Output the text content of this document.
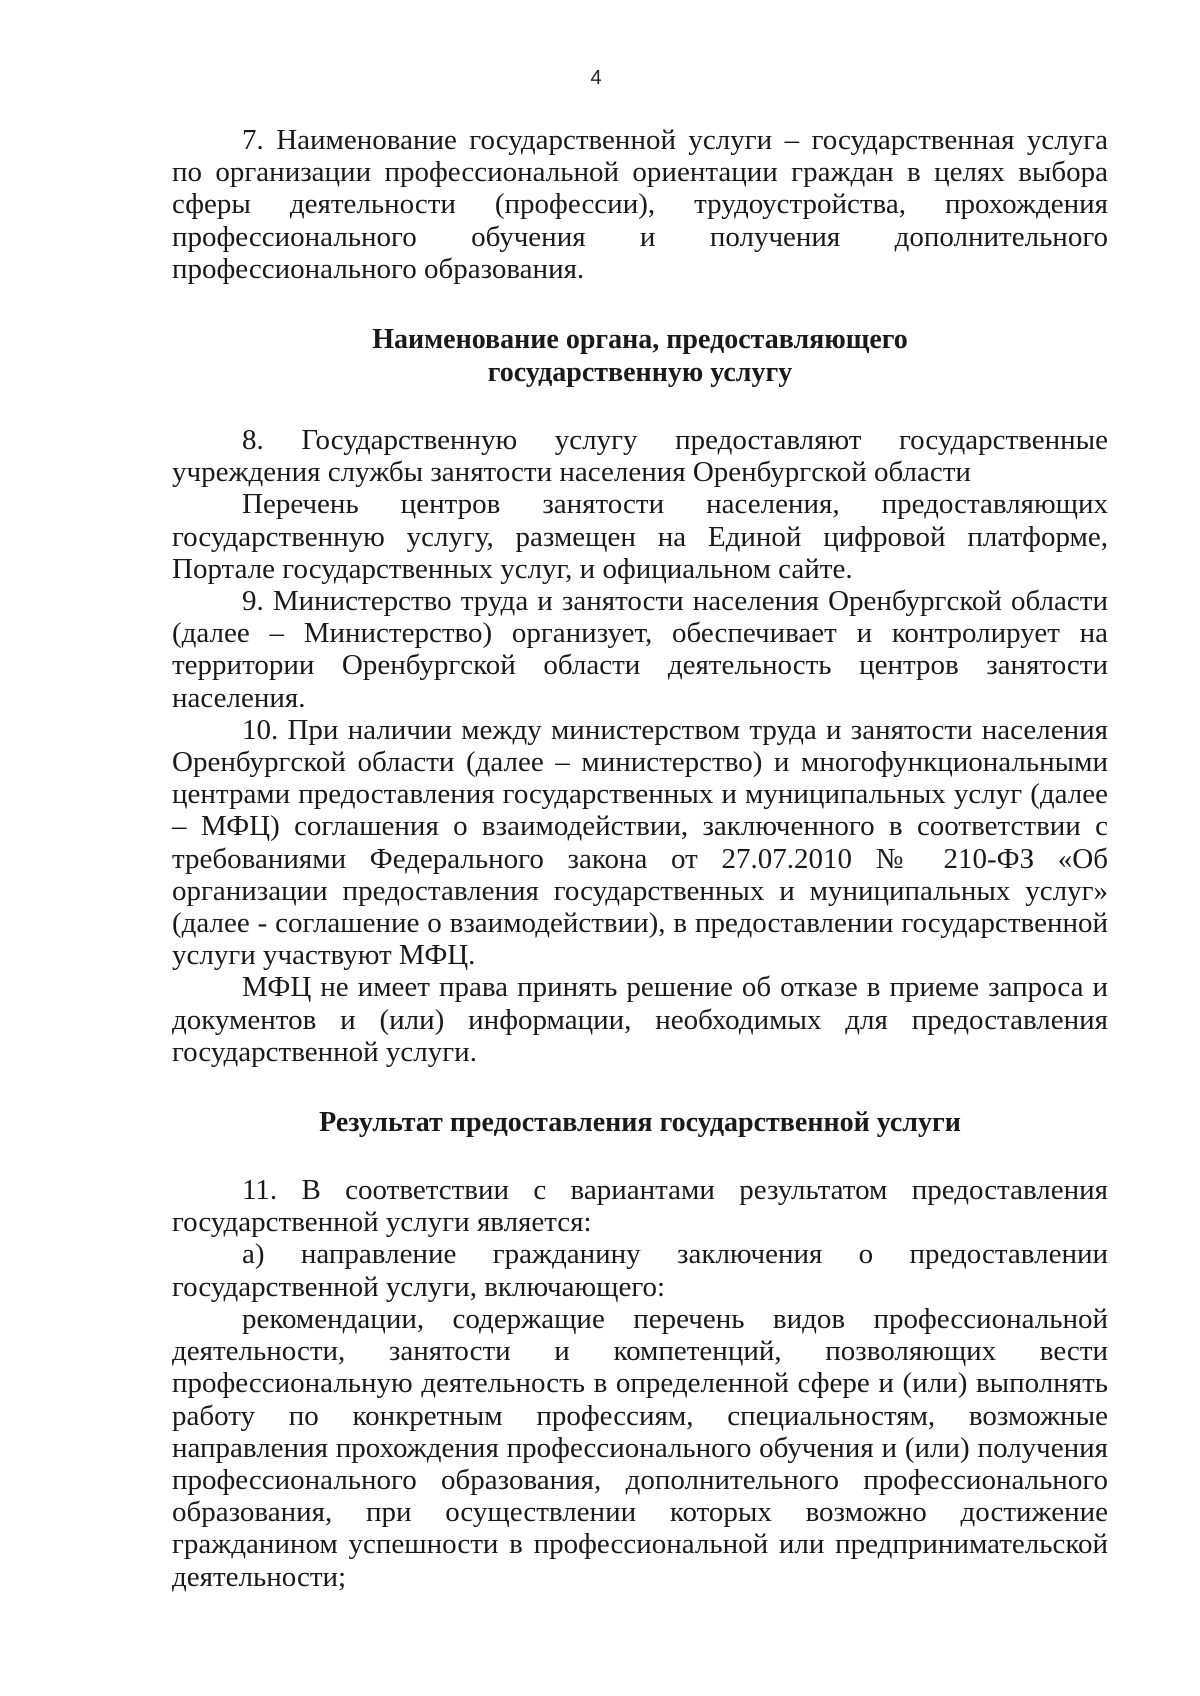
4

7. Наименование государственной услуги – государственная услуга по организации профессиональной ориентации граждан в целях выбора сферы деятельности (профессии), трудоустройства, прохождения профессионального обучения и получения дополнительного профессионального образования.

Наименование органа, предоставляющего
государственную услугу

8. Государственную услугу предоставляют государственные учреждения службы занятости населения Оренбургской области

Перечень центров занятости населения, предоставляющих государственную услугу, размещен на Единой цифровой платформе, Портале государственных услуг, и официальном сайте.

9. Министерство труда и занятости населения Оренбургской области (далее – Министерство) организует, обеспечивает и контролирует на территории Оренбургской области деятельность центров занятости населения.

10. При наличии между министерством труда и занятости населения Оренбургской области (далее – министерство) и многофункциональными центрами предоставления государственных и муниципальных услуг (далее – МФЦ) соглашения о взаимодействии, заключенного в соответствии с требованиями Федерального закона от 27.07.2010 № 210-ФЗ «Об организации предоставления государственных и муниципальных услуг» (далее - соглашение о взаимодействии), в предоставлении государственной услуги участвуют МФЦ.

МФЦ не имеет права принять решение об отказе в приеме запроса и документов и (или) информации, необходимых для предоставления государственной услуги.

Результат предоставления государственной услуги

11. В соответствии с вариантами результатом предоставления государственной услуги является:

а) направление гражданину заключения о предоставлении государственной услуги, включающего:

рекомендации, содержащие перечень видов профессиональной деятельности, занятости и компетенций, позволяющих вести профессиональную деятельность в определенной сфере и (или) выполнять работу по конкретным профессиям, специальностям, возможные направления прохождения профессионального обучения и (или) получения профессионального образования, дополнительного профессионального образования, при осуществлении которых возможно достижение гражданином успешности в профессиональной или предпринимательской деятельности;
